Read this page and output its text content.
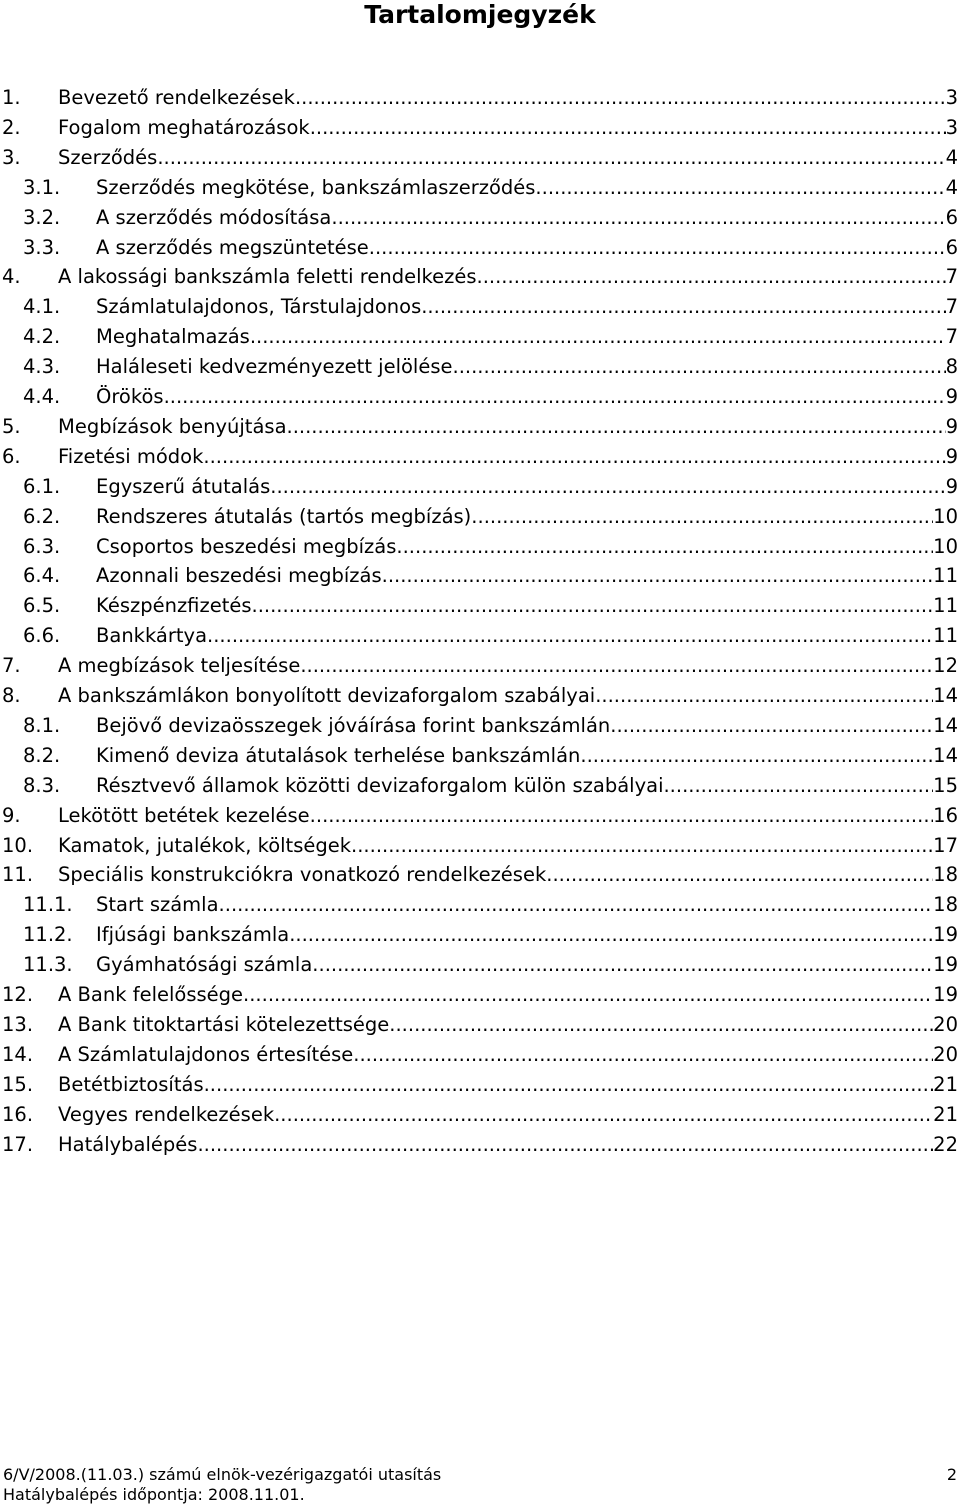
Tartalomjegyzék
1. Bevezető rendelkezések .....	3
2. Fogalom meghatározások .....	3
3. Szerződés .....	4
3.1. Szerződés megkötése, bankszámlaszerződés .....	4
3.2. A szerződés módosítása .....	6
3.3. A szerződés megszüntetése .....	6
4. A lakossági bankszámla feletti rendelkezés .....	7
4.1. Számlatulajdonos, Társtulajdonos .....	7
4.2. Meghatalmazás .....	7
4.3. Haláleseti kedvezményezett jelölése .....	8
4.4. Örökös .....	9
5. Megbízások benyújtása .....	9
6. Fizetési módok .....	9
6.1. Egyszerű átutalás .....	9
6.2. Rendszeres átutalás (tartós megbízás) .....	10
6.3. Csoportos beszedési megbízás .....	10
6.4. Azonnali beszedési megbízás .....	11
6.5. Készpénzfizetés .....	11
6.6. Bankkártya .....	11
7. A megbízások teljesítése .....	12
8. A bankszámlákon bonyolított devizaforgalom szabályai .....	14
8.1. Bejövő devizaösszegek jóváírása forint bankszámlán .....	14
8.2. Kimenő deviza átutalások terhelése bankszámlán .....	14
8.3. Résztvevő államok közötti devizaforgalom külön szabályai .....	15
9. Lekötött betétek kezelése .....	16
10. Kamatok, jutalékok, költségek .....	17
11. Speciális konstrukciókra vonatkozó rendelkezések .....	18
11.1. Start számla .....	18
11.2. Ifjúsági bankszámla .....	19
11.3. Gyámhatósági számla .....	19
12. A Bank felelőssége .....	19
13. A Bank titoktartási kötelezettsége .....	20
14. A Számlatulajdonos értesítése .....	20
15. Betétbiztosítás .....	21
16. Vegyes rendelkezések .....	21
17. Hatálybalépés .....	22
6/V/2008.(11.03.) számú elnök-vezérigazgatói utasítás	2
Hatálybalépés időpontja: 2008.11.01.
